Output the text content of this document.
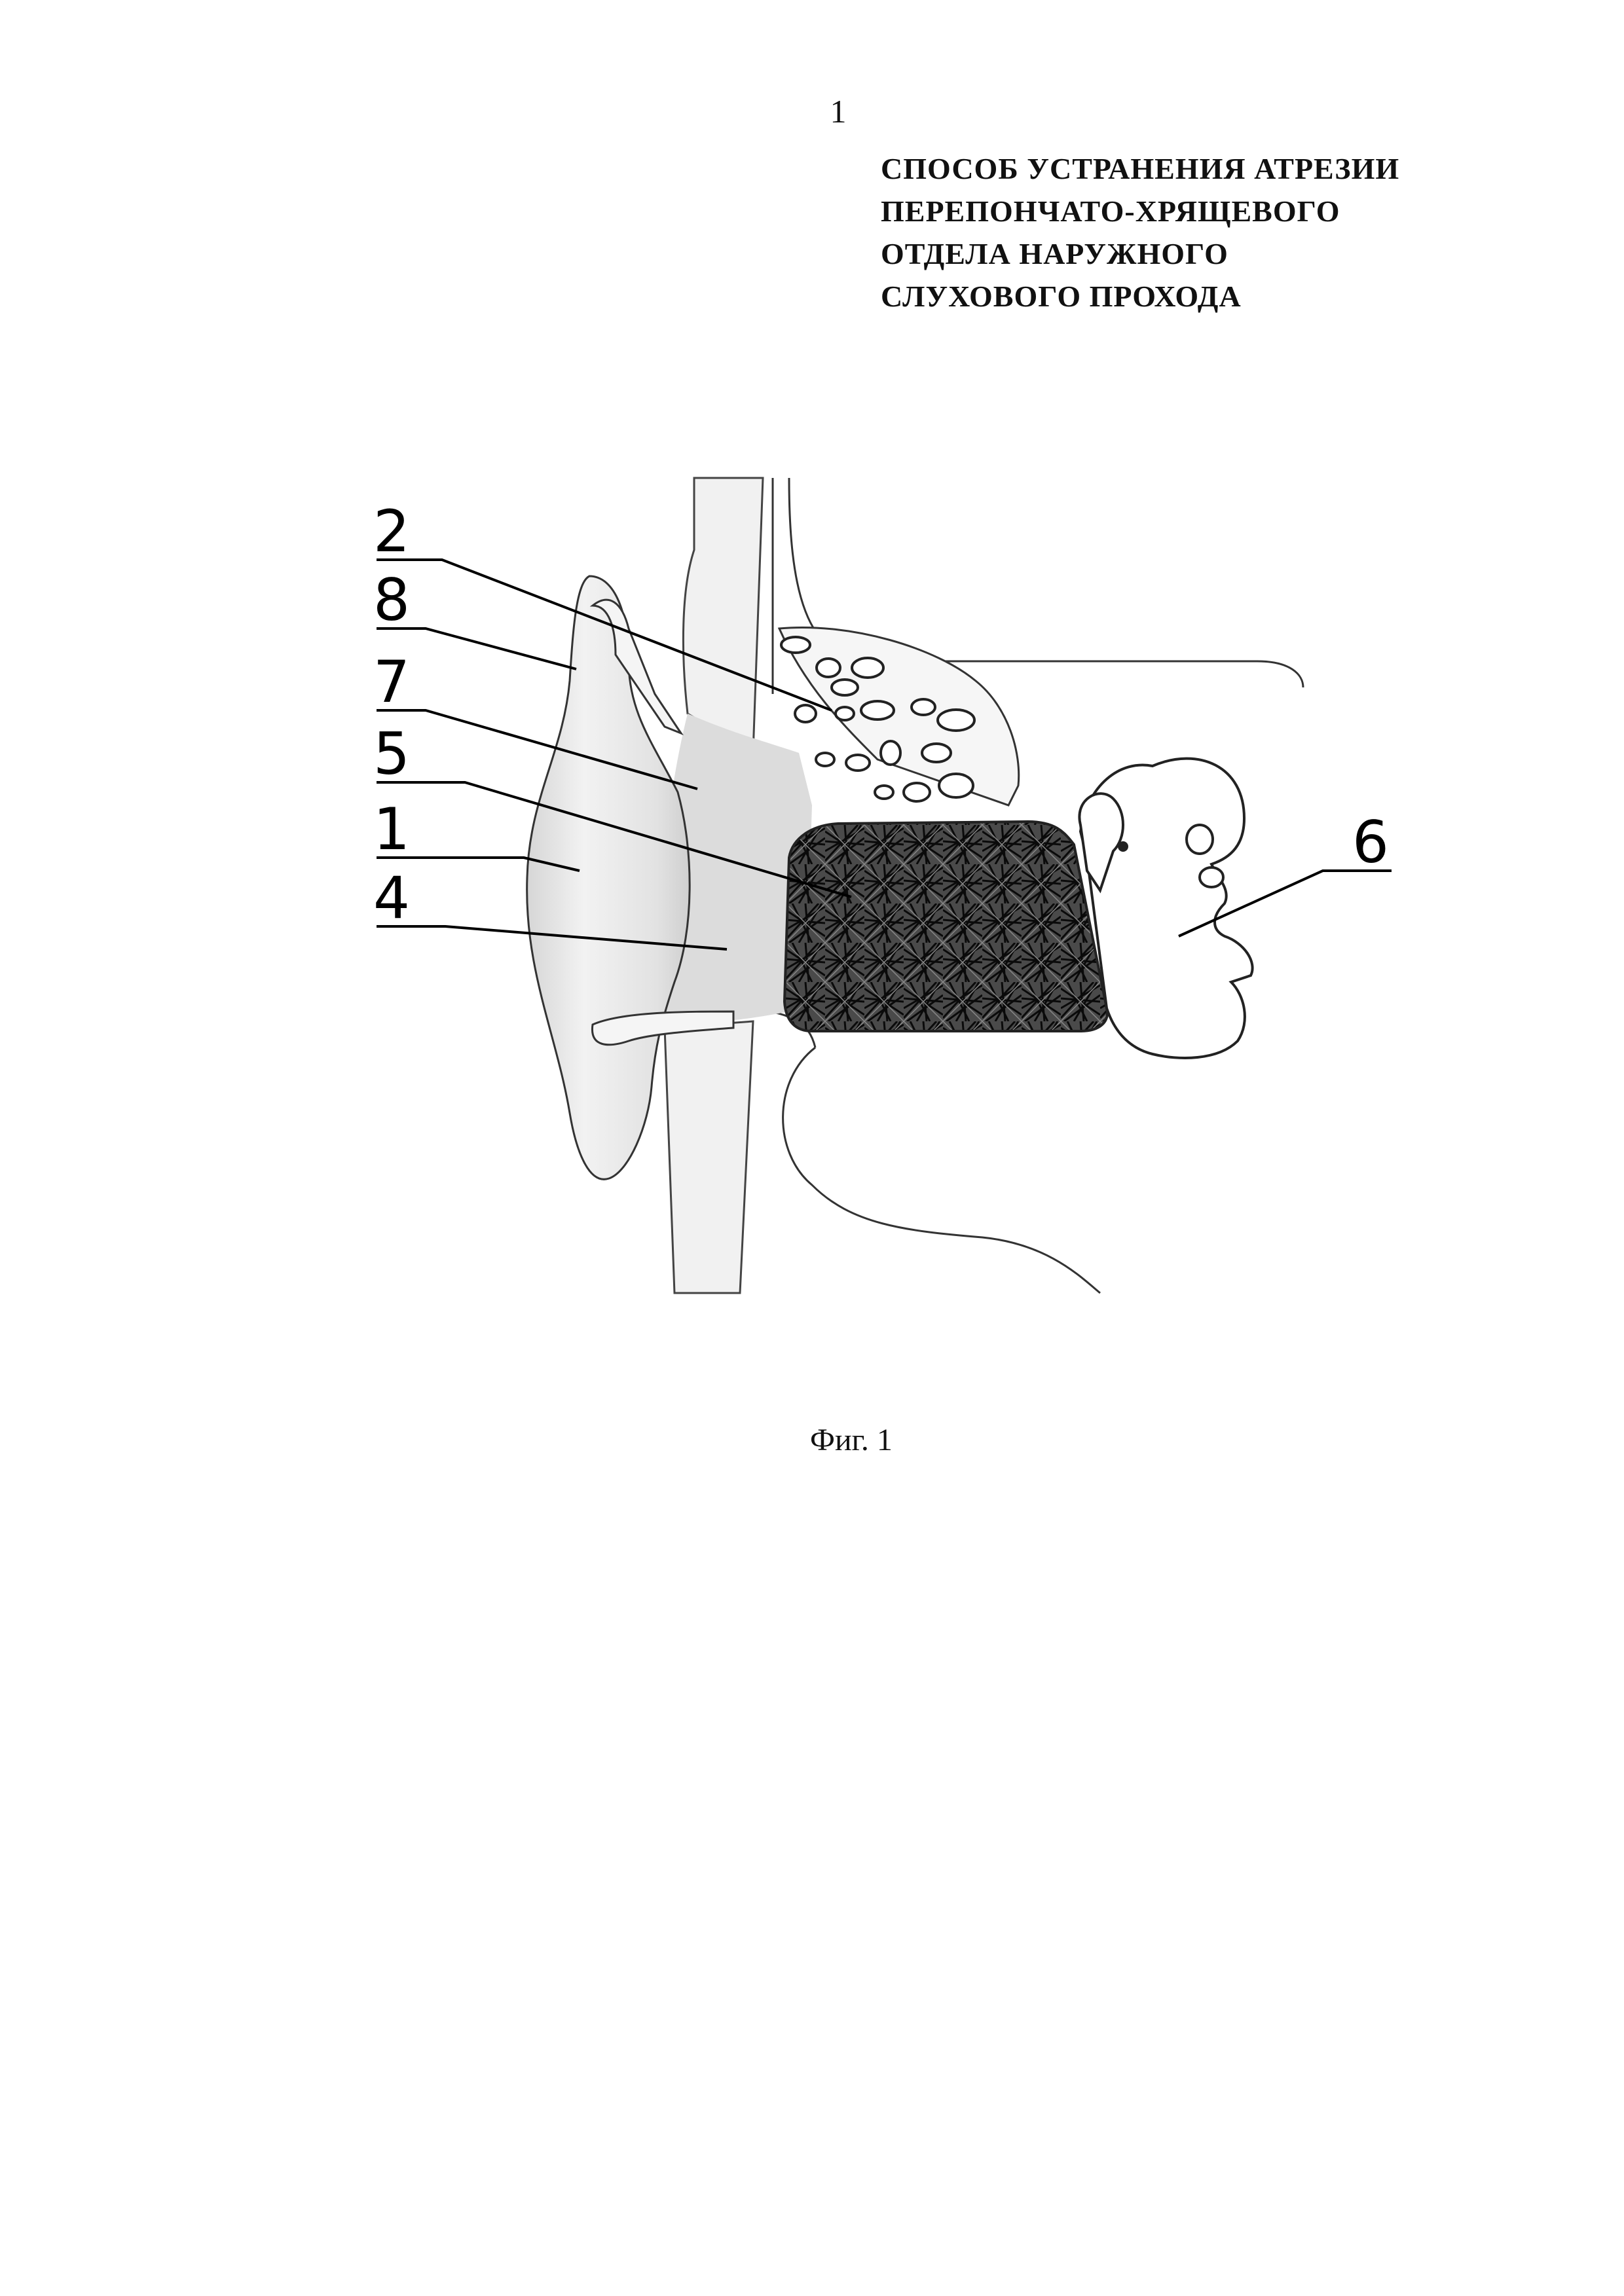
1
СПОСОБ УСТРАНЕНИЯ АТРЕЗИИ
ПЕРЕПОНЧАТО-ХРЯЩЕВОГО
ОТДЕЛА НАРУЖНОГО
СЛУХОВОГО ПРОХОДА
2
8
7
5
1
4
6
Фиг. 1
